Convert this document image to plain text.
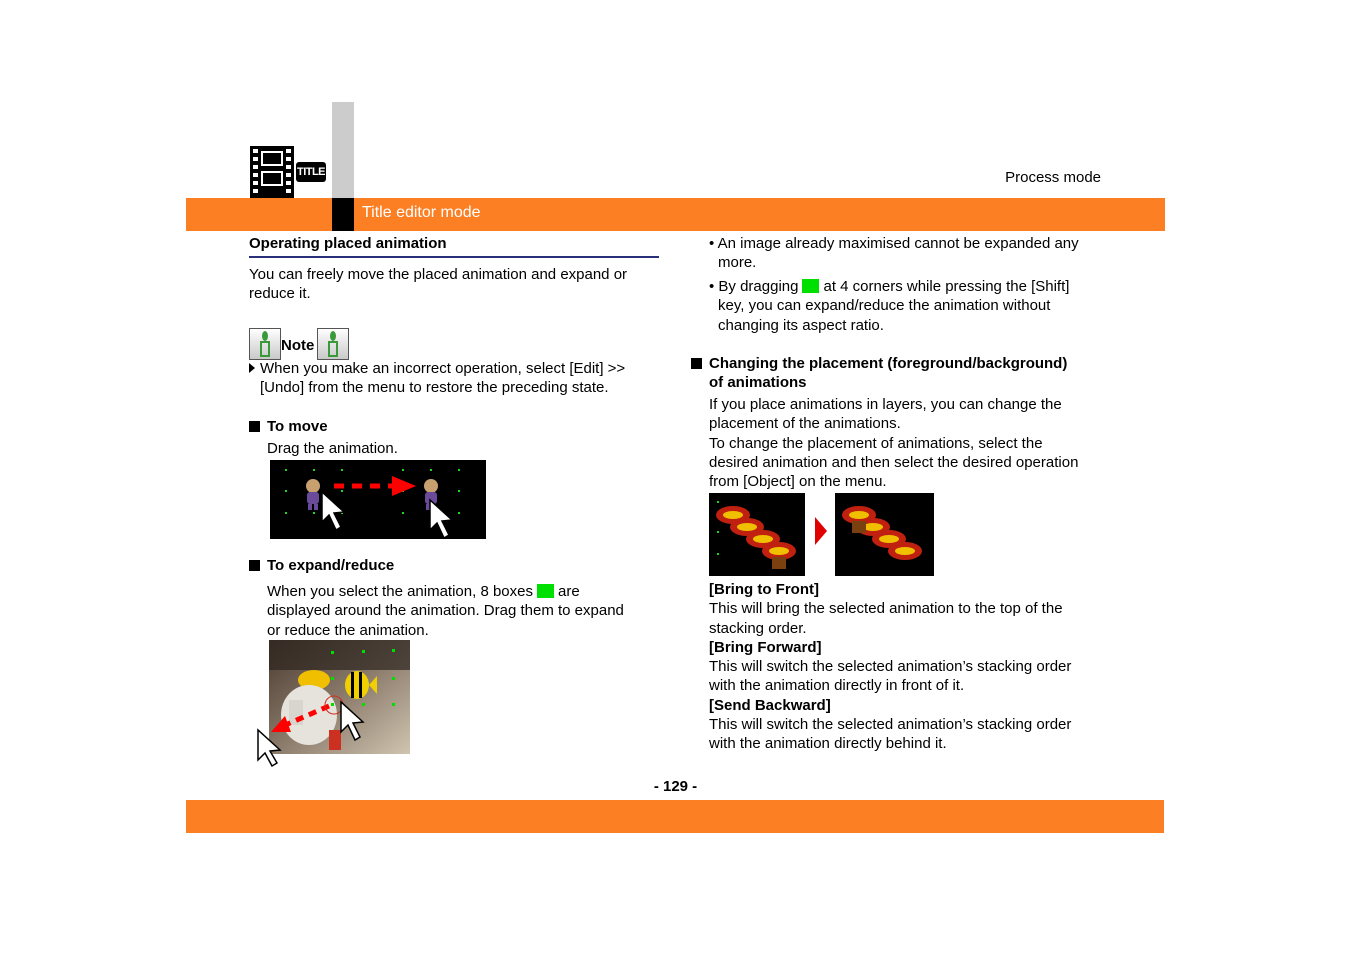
TITLE	Process mode
Title editor mode
Operating placed animation
You can freely move the placed animation and expand or reduce it.
Note
When you make an incorrect operation, select [Edit] >>
[Undo] from the menu to restore the preceding state.
To move
Drag the animation.
To expand/reduce
When you select the animation, 8 boxes are
displayed around the animation. Drag them to expand
or reduce the animation.
• An image already maximised cannot be expanded any
more.
• By dragging at 4 corners while pressing the [Shift]
key, you can expand/reduce the animation without
changing its aspect ratio.
Changing the placement (foreground/background)
of animations
If you place animations in layers, you can change the
placement of the animations.
To change the placement of animations, select the
desired animation and then select the desired operation
from [Object] on the menu.
[Bring to Front]
This will bring the selected animation to the top of the
stacking order.
[Bring Forward]
This will switch the selected animation’s stacking order
with the animation directly in front of it.
[Send Backward]
This will switch the selected animation’s stacking order
with the animation directly behind it.
- 129 -
